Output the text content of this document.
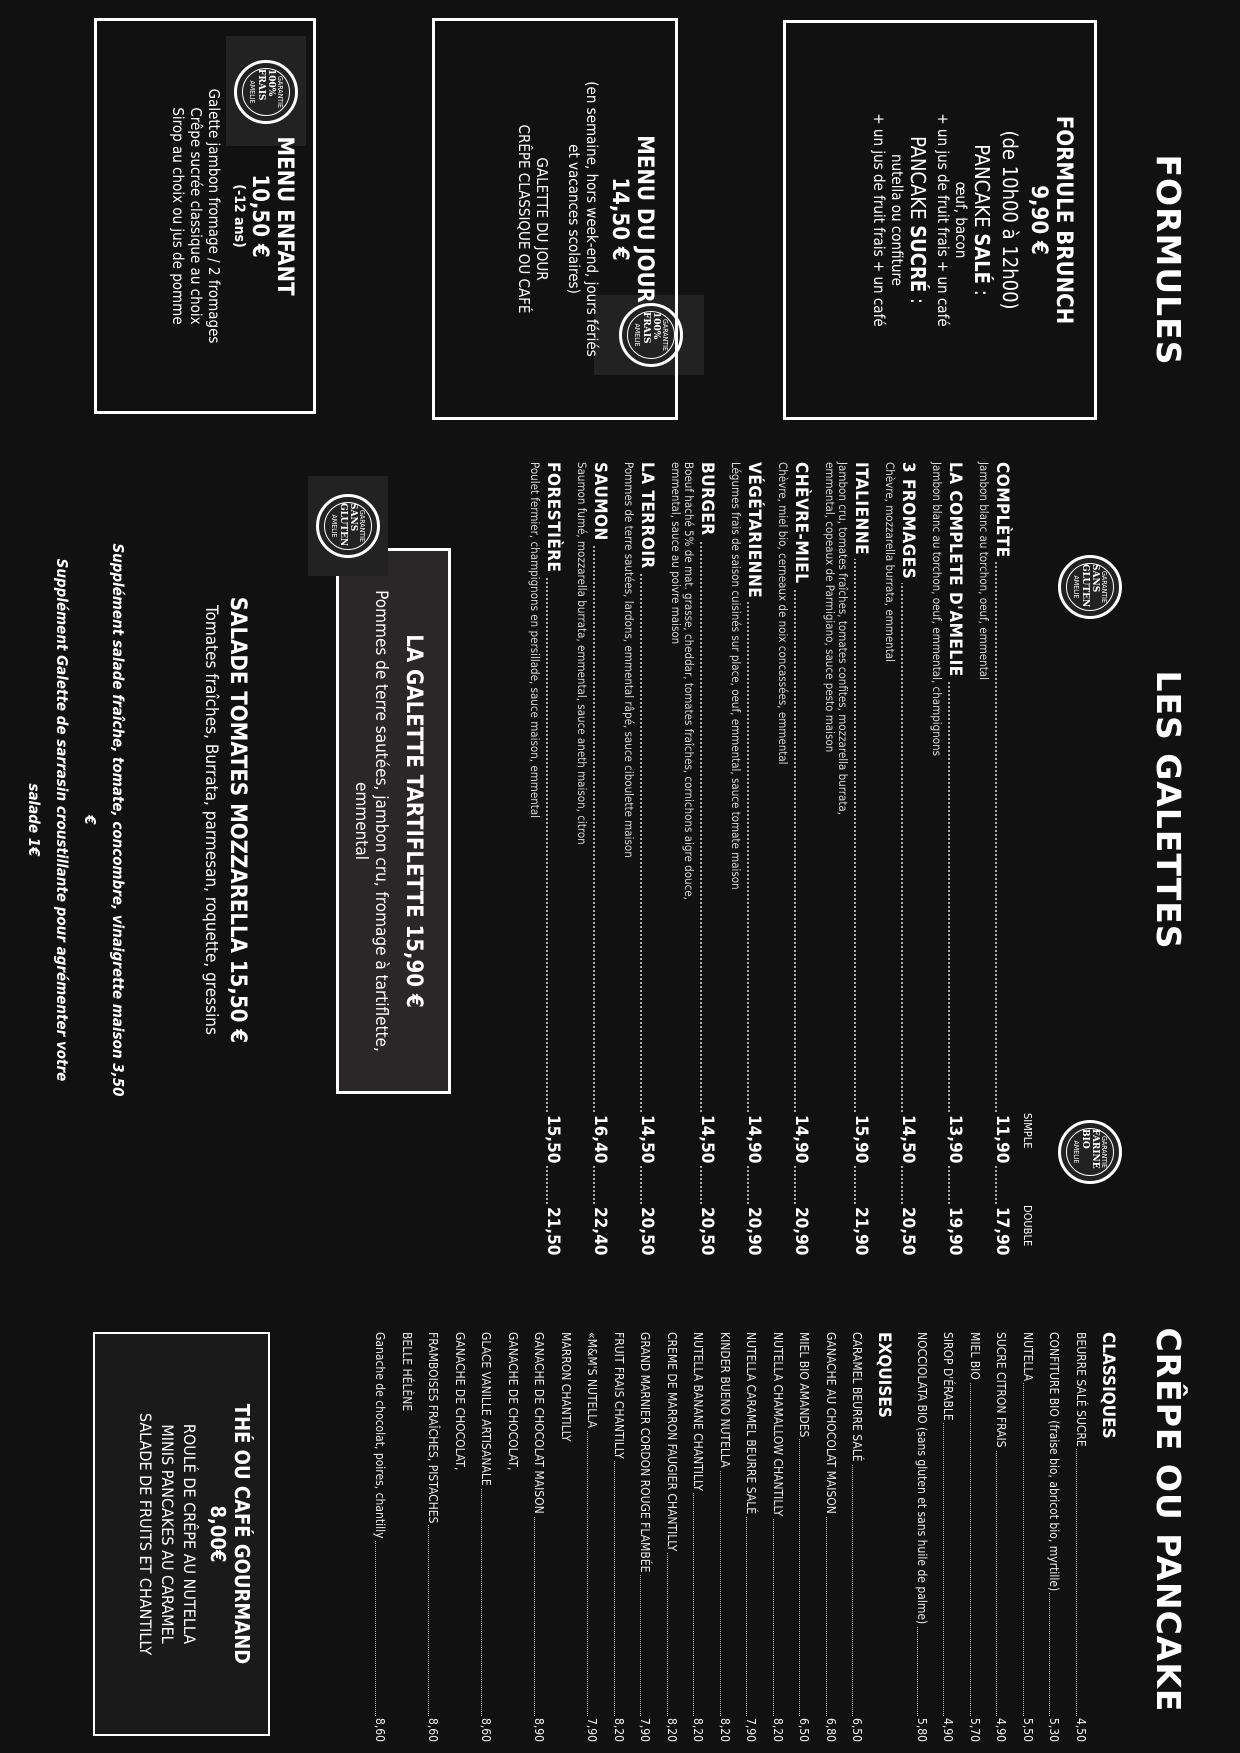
FORMULES
FORMULE BRUNCH
9,90 €
(de 10h00 à 12h00)
PANCAKE SALÉ :
œuf, bacon
+ un jus de fruit frais + un café
PANCAKE SUCRÉ :
nutella ou confiture
+ un jus de fruit frais + un café
GARANTIE
100% FRAIS
AMELIE
MENU DU JOUR
14,50 €
(en semaine, hors week-end, jours fériés
et vacances scolaires)
GALETTE DU JOUR
CRÊPE CLASSIQUE OU CAFÉ
GARANTIE
100% FRAIS
AMELIE
MENU ENFANT
10,50 €
(-12 ans)
Galette jambon fromage / 2 fromages
Crêpe sucrée classique au choix
Sirop au choix ou jus de pomme
LES GALETTES
GARANTIE
SANS GLUTEN
AMELIE
GARANTIE
FARINE BIO
AMELIE
SIMPLE
DOUBLE
COMPLÈTE
11,90
17,90
Jambon blanc au torchon, oeuf, emmental
LA COMPLETE D'AMELIE
13,90
19,90
Jambon blanc au torchon, oeuf, emmental, champignons
3 FROMAGES
14,50
20,50
Chèvre, mozzarella burrata, emmental
ITALIENNE
15,90
21,90
Jambon cru, tomates fraîches, tomates confites, mozzarella burrata,
emmental, copeaux de Parmigiano, sauce pesto maison
CHÈVRE-MIEL
14,90
20,90
Chèvre, miel bio, cerneaux de noix concassées, emmental
VÉGÉTARIENNE
14,90
20,90
Légumes frais de saison cuisinés sur place, oeuf, emmental, sauce tomate maison
BURGER
14,50
20,50
Boeuf haché 5% de mat. grasse, cheddar, tomates fraîches, cornichons aigre douce,
emmental, sauce au poivre maison
LA TERROIR
14,50
20,50
Pommes de terre sautées, lardons, emmental râpé, sauce ciboulette maison
SAUMON
16,40
22,40
Saumon fumé, mozzarella burrata, emmental, sauce aneth maison, citron
FORESTIÈRE
15,50
21,50
Poulet fermier, champignons en persillade, sauce maison, emmental
LA GALETTE TARTIFLETTE 15,90 €
Pommes de terre sautées, jambon cru, fromage à tartiflette, emmental
GARANTIE
SANS GLUTEN
AMELIE
SALADE TOMATES MOZZARELLA 15,50 €
Tomates fraîches, Burrata, parmesan, roquette, gressins
Supplément salade fraîche, tomate, concombre, vinaigrette maison 3,50 €
Supplément Galette de sarrasin croustillante pour agrémenter votre salade 1€
CRÊPE OU PANCAKE
CLASSIQUES
BEURRE SALÉ SUCRE
4,50
CONFITURE BIO (fraise bio, abricot bio, myrtille)
5,30
NUTELLA
5,50
SUCRE CITRON FRAIS
4,90
MIEL BIO
5,70
SIROP D'ÉRABLE
4,90
NOCCIOLATA BIO (sans gluten et sans huile de palme)
5,80
EXQUISES
CARAMEL BEURRE SALÉ
6,50
GANACHE AU CHOCOLAT MAISON
6,80
MIEL BIO AMANDES
6,50
NUTELLA CHAMALLOW CHANTILLY
8,20
NUTELLA CARAMEL BEURRE SALÉ
7,90
KINDER BUENO NUTELLA
8,20
NUTELLA BANANE CHANTILLY
8,20
CREME DE MARRON FAUGIER CHANTILLY
8,20
GRAND MARNIER CORDON ROUGE FLAMBÉE
7,90
FRUIT FRAIS CHANTILLY
8,20
«M&M'S NUTELLA
7,90
MARRON CHANTILLY
GANACHE DE CHOCOLAT MAISON
8,90
GANACHE DE CHOCOLAT,
GLACE VANILLE ARTISANALE
8,60
GANACHE DE CHOCOLAT,
FRAMBOISES FRAÎCHES, PISTACHES
8,60
BELLE HÉLÈNE
Ganache de chocolat, poires, chantilly
8,60
THÉ OU CAFÉ GOURMAND
8,00€
ROULÉ DE CRÊPE AU NUTELLA
MINIS PANCAKES AU CARAMEL
SALADE DE FRUITS ET CHANTILLY
